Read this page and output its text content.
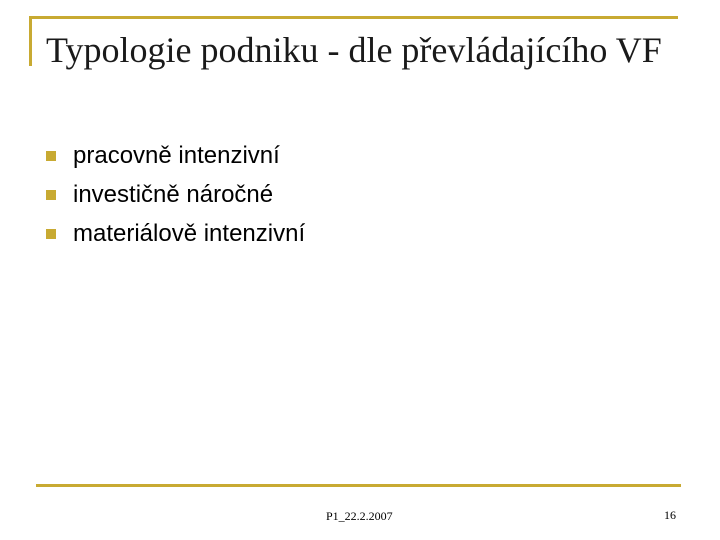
Typologie podniku - dle převládajícího VF
pracovně intenzivní
investičně náročné
materiálově intenzivní
P1_22.2.2007	16
